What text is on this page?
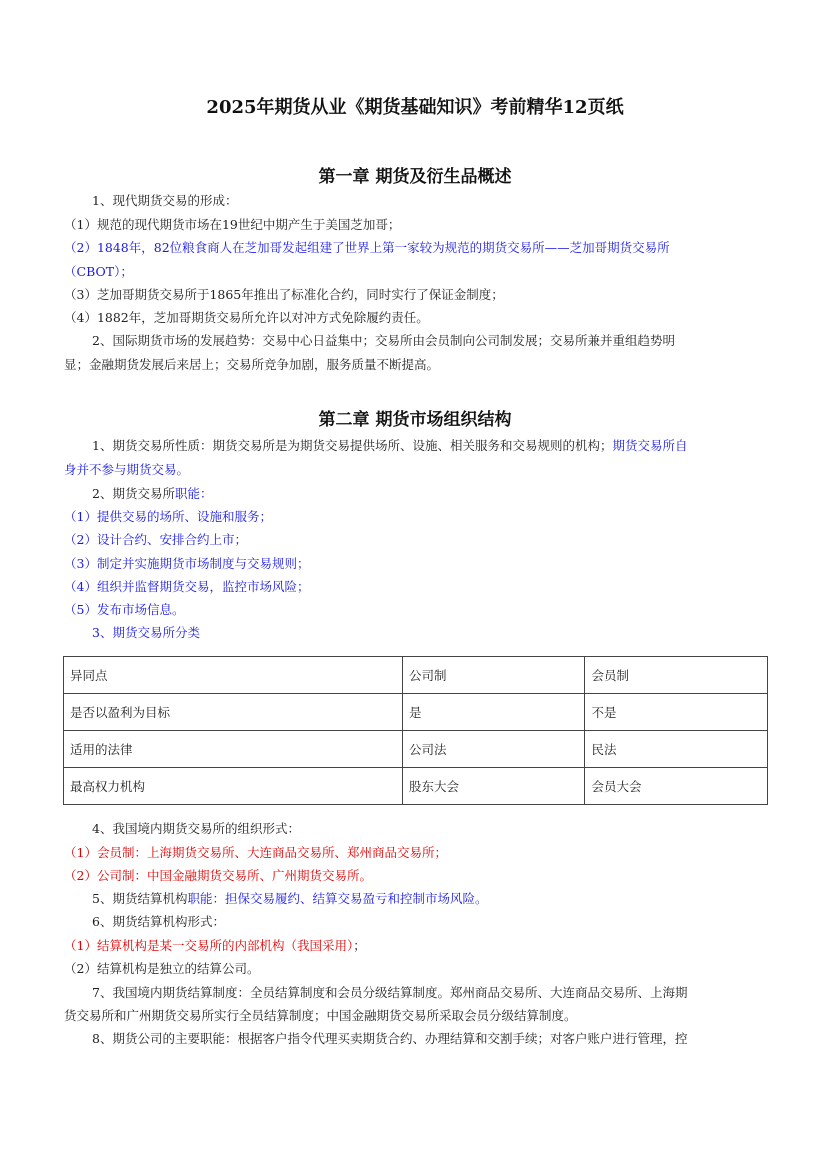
2025年期货从业《期货基础知识》考前精华12页纸
第一章 期货及衍生品概述
1、现代期货交易的形成：
（1）规范的现代期货市场在19世纪中期产生于美国芝加哥；
（2）1848年，82位粮食商人在芝加哥发起组建了世界上第一家较为规范的期货交易所——芝加哥期货交易所
（CBOT）；
（3）芝加哥期货交易所于1865年推出了标准化合约，同时实行了保证金制度；
（4）1882年，芝加哥期货交易所允许以对冲方式免除履约责任。
2、国际期货市场的发展趋势：交易中心日益集中；交易所由会员制向公司制发展；交易所兼并重组趋势明
显；金融期货发展后来居上；交易所竞争加剧，服务质量不断提高。
第二章 期货市场组织结构
1、期货交易所性质：期货交易所是为期货交易提供场所、设施、相关服务和交易规则的机构；期货交易所自
身并不参与期货交易。
2、期货交易所职能：
（1）提供交易的场所、设施和服务；
（2）设计合约、安排合约上市；
（3）制定并实施期货市场制度与交易规则；
（4）组织并监督期货交易，监控市场风险；
（5）发布市场信息。
3、期货交易所分类
异同点	公司制	会员制
是否以盈利为目标	是	不是
适用的法律	公司法	民法
最高权力机构	股东大会	会员大会
4、我国境内期货交易所的组织形式：
（1）会员制：上海期货交易所、大连商品交易所、郑州商品交易所；
（2）公司制：中国金融期货交易所、广州期货交易所。
5、期货结算机构职能：担保交易履约、结算交易盈亏和控制市场风险。
6、期货结算机构形式：
（1）结算机构是某一交易所的内部机构（我国采用）；
（2）结算机构是独立的结算公司。
7、我国境内期货结算制度：全员结算制度和会员分级结算制度。郑州商品交易所、大连商品交易所、上海期
货交易所和广州期货交易所实行全员结算制度；中国金融期货交易所采取会员分级结算制度。
8、期货公司的主要职能：根据客户指令代理买卖期货合约、办理结算和交割手续；对客户账户进行管理，控
